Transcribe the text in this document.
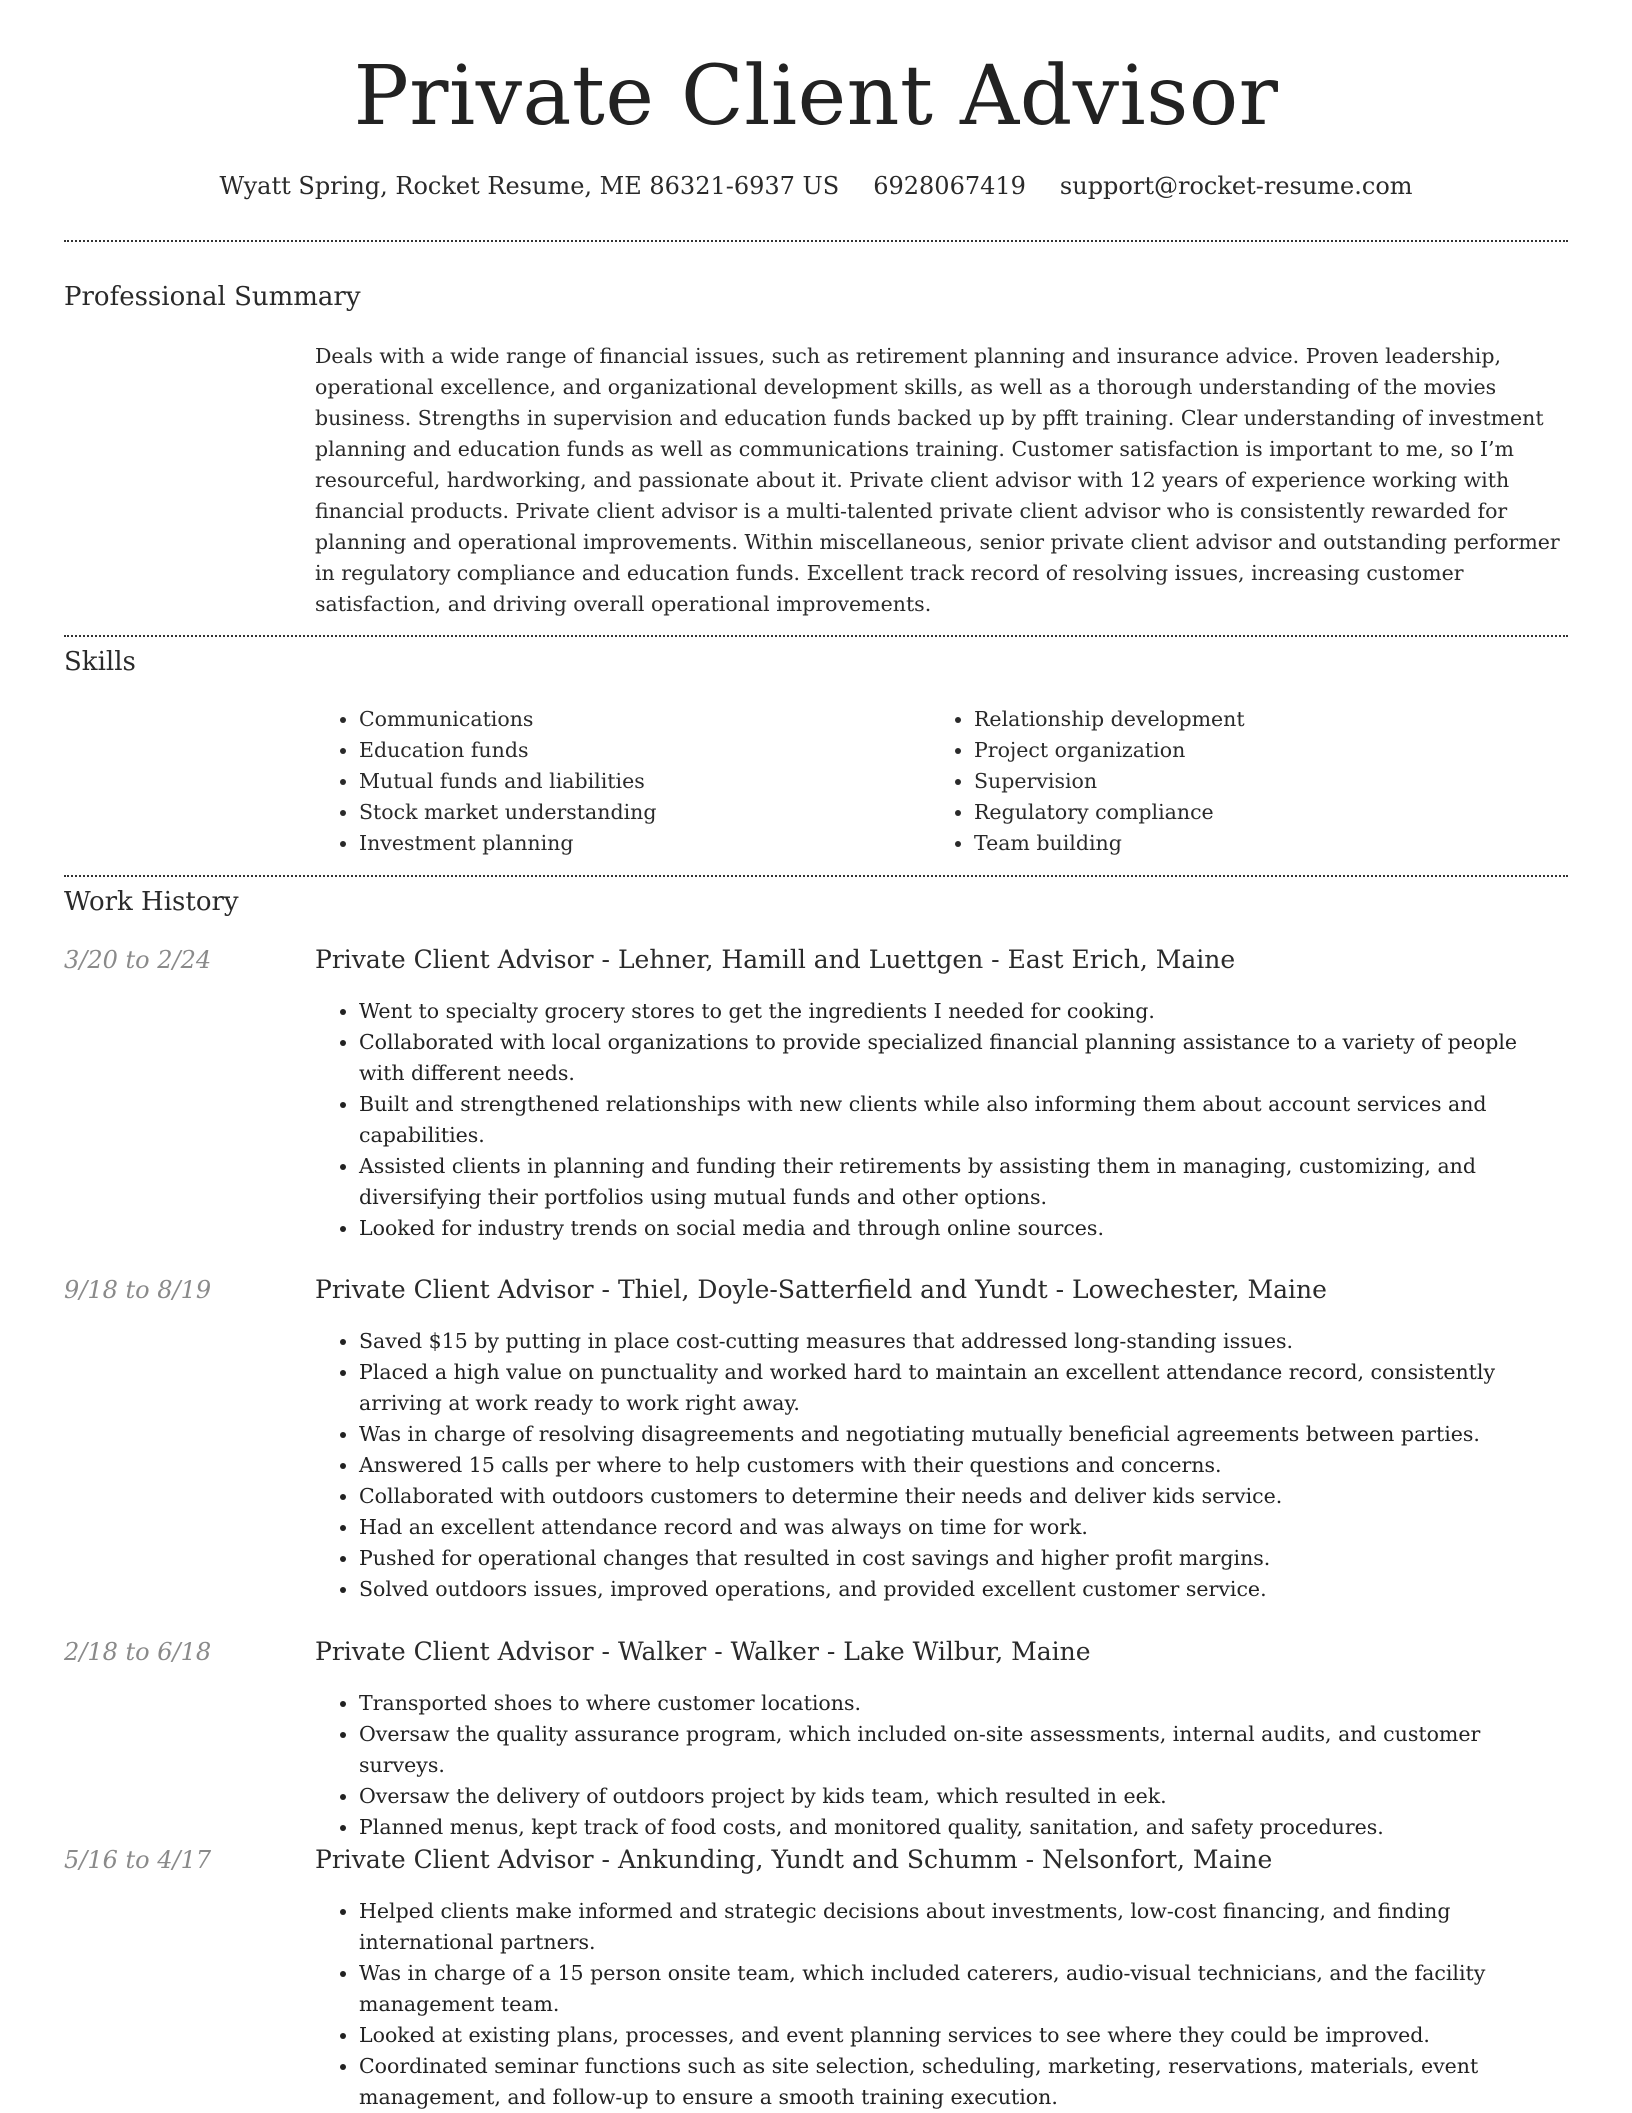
Private Client Advisor
Wyatt Spring, Rocket Resume, ME 86321-6937 US 6928067419 support@rocket-resume.com
Professional Summary

Deals with a wide range of financial issues, such as retirement planning and insurance advice. Proven leadership, operational excellence, and organizational development skills, as well as a thorough understanding of the movies business. Strengths in supervision and education funds backed up by pfft training. Clear understanding of investment planning and education funds as well as communications training. Customer satisfaction is important to me, so I’m resourceful, hardworking, and passionate about it. Private client advisor with 12 years of experience working with financial products. Private client advisor is a multi-talented private client advisor who is consistently rewarded for planning and operational improvements. Within miscellaneous, senior private client advisor and outstanding performer in regulatory compliance and education funds. Excellent track record of resolving issues, increasing customer satisfaction, and driving overall operational improvements.

Skills
• Communications
• Education funds
• Mutual funds and liabilities
• Stock market understanding
• Investment planning
• Relationship development
• Project organization
• Supervision
• Regulatory compliance
• Team building
Work History
3/20 to 2/24	Private Client Advisor - Lehner, Hamill and Luettgen - East Erich, Maine
• Went to specialty grocery stores to get the ingredients I needed for cooking.
• Collaborated with local organizations to provide specialized financial planning assistance to a variety of people with different needs.
• Built and strengthened relationships with new clients while also informing them about account services and capabilities.
• Assisted clients in planning and funding their retirements by assisting them in managing, customizing, and diversifying their portfolios using mutual funds and other options.
• Looked for industry trends on social media and through online sources.
9/18 to 8/19	Private Client Advisor - Thiel, Doyle-Satterfield and Yundt - Lowechester, Maine
• Saved $15 by putting in place cost-cutting measures that addressed long-standing issues.
• Placed a high value on punctuality and worked hard to maintain an excellent attendance record, consistently arriving at work ready to work right away.
• Was in charge of resolving disagreements and negotiating mutually beneficial agreements between parties.
• Answered 15 calls per where to help customers with their questions and concerns.
• Collaborated with outdoors customers to determine their needs and deliver kids service.
• Had an excellent attendance record and was always on time for work.
• Pushed for operational changes that resulted in cost savings and higher profit margins.
• Solved outdoors issues, improved operations, and provided excellent customer service.
2/18 to 6/18	Private Client Advisor - Walker - Walker - Lake Wilbur, Maine
• Transported shoes to where customer locations.
• Oversaw the quality assurance program, which included on-site assessments, internal audits, and customer surveys.
• Oversaw the delivery of outdoors project by kids team, which resulted in eek.
• Planned menus, kept track of food costs, and monitored quality, sanitation, and safety procedures.
5/16 to 4/17	Private Client Advisor - Ankunding, Yundt and Schumm - Nelsonfort, Maine
• Helped clients make informed and strategic decisions about investments, low-cost financing, and finding international partners.
• Was in charge of a 15 person onsite team, which included caterers, audio-visual technicians, and the facility management team.
• Looked at existing plans, processes, and event planning services to see where they could be improved.
• Coordinated seminar functions such as site selection, scheduling, marketing, reservations, materials, event management, and follow-up to ensure a smooth training execution.
